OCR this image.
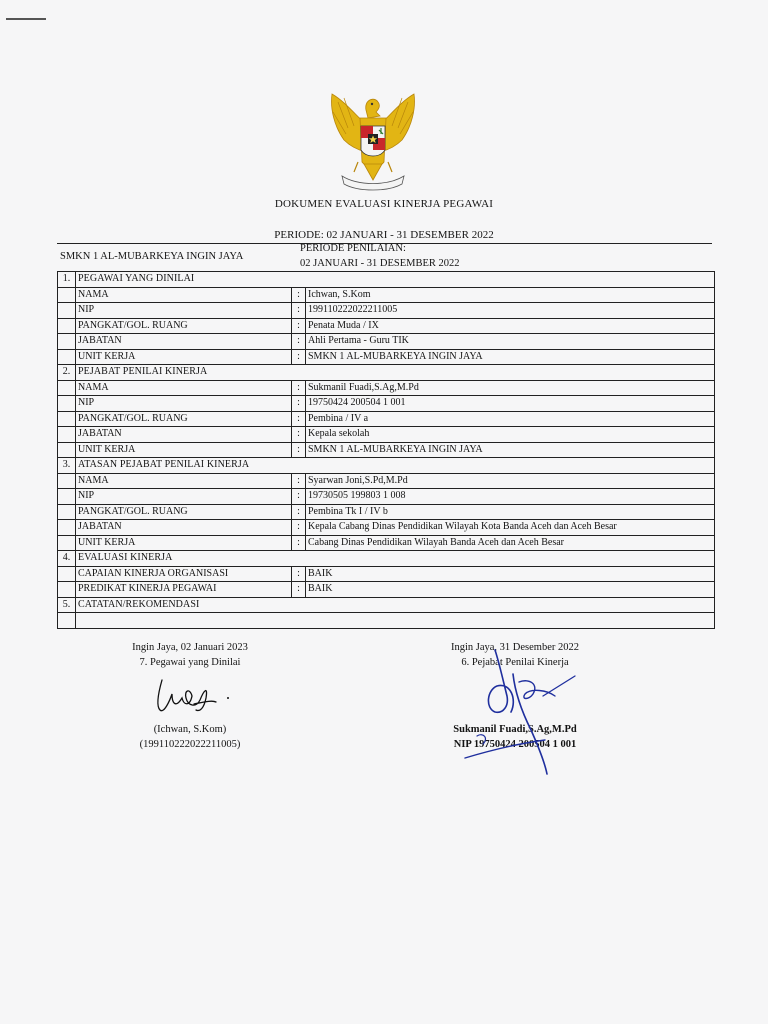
DOKUMEN EVALUASI KINERJA PEGAWAI
PERIODE: 02 JANUARI - 31 DESEMBER 2022
SMKN 1 AL-MUBARKEYA INGIN JAYA
PERIODE PENILAIAN:
02 JANUARI - 31 DESEMBER 2022
1.	PEGAWAI YANG DINILAI		
	NAMA	:	Ichwan, S.Kom
	NIP	:	199110222022211005
	PANGKAT/GOL. RUANG	:	Penata Muda / IX
	JABATAN	:	Ahli Pertama - Guru TIK
	UNIT KERJA	:	SMKN 1 AL-MUBARKEYA INGIN JAYA
2.	PEJABAT PENILAI KINERJA		
	NAMA	:	Sukmanil Fuadi,S.Ag,M.Pd
	NIP	:	19750424 200504 1 001
	PANGKAT/GOL. RUANG	:	Pembina / IV a
	JABATAN	:	Kepala sekolah
	UNIT KERJA	:	SMKN 1 AL-MUBARKEYA INGIN JAYA
3.	ATASAN PEJABAT PENILAI KINERJA		
	NAMA	:	Syarwan Joni,S.Pd,M.Pd
	NIP	:	19730505 199803 1 008
	PANGKAT/GOL. RUANG	:	Pembina Tk I / IV b
	JABATAN	:	Kepala Cabang Dinas Pendidikan Wilayah Kota Banda Aceh dan Aceh Besar
	UNIT KERJA	:	Cabang Dinas Pendidikan Wilayah Banda Aceh dan Aceh Besar
4.	EVALUASI KINERJA		
	CAPAIAN KINERJA ORGANISASI	:	BAIK
	PREDIKAT KINERJA PEGAWAI	:	BAIK
5.	CATATAN/REKOMENDASI		

Ingin Jaya, 02 Januari 2023
7. Pegawai yang Dinilai
(Ichwan, S.Kom)
(199110222022211005)
Ingin Jaya, 31 Desember 2022
6. Pejabat Penilai Kinerja
Sukmanil Fuadi,S.Ag,M.Pd
NIP 19750424 200504 1 001
